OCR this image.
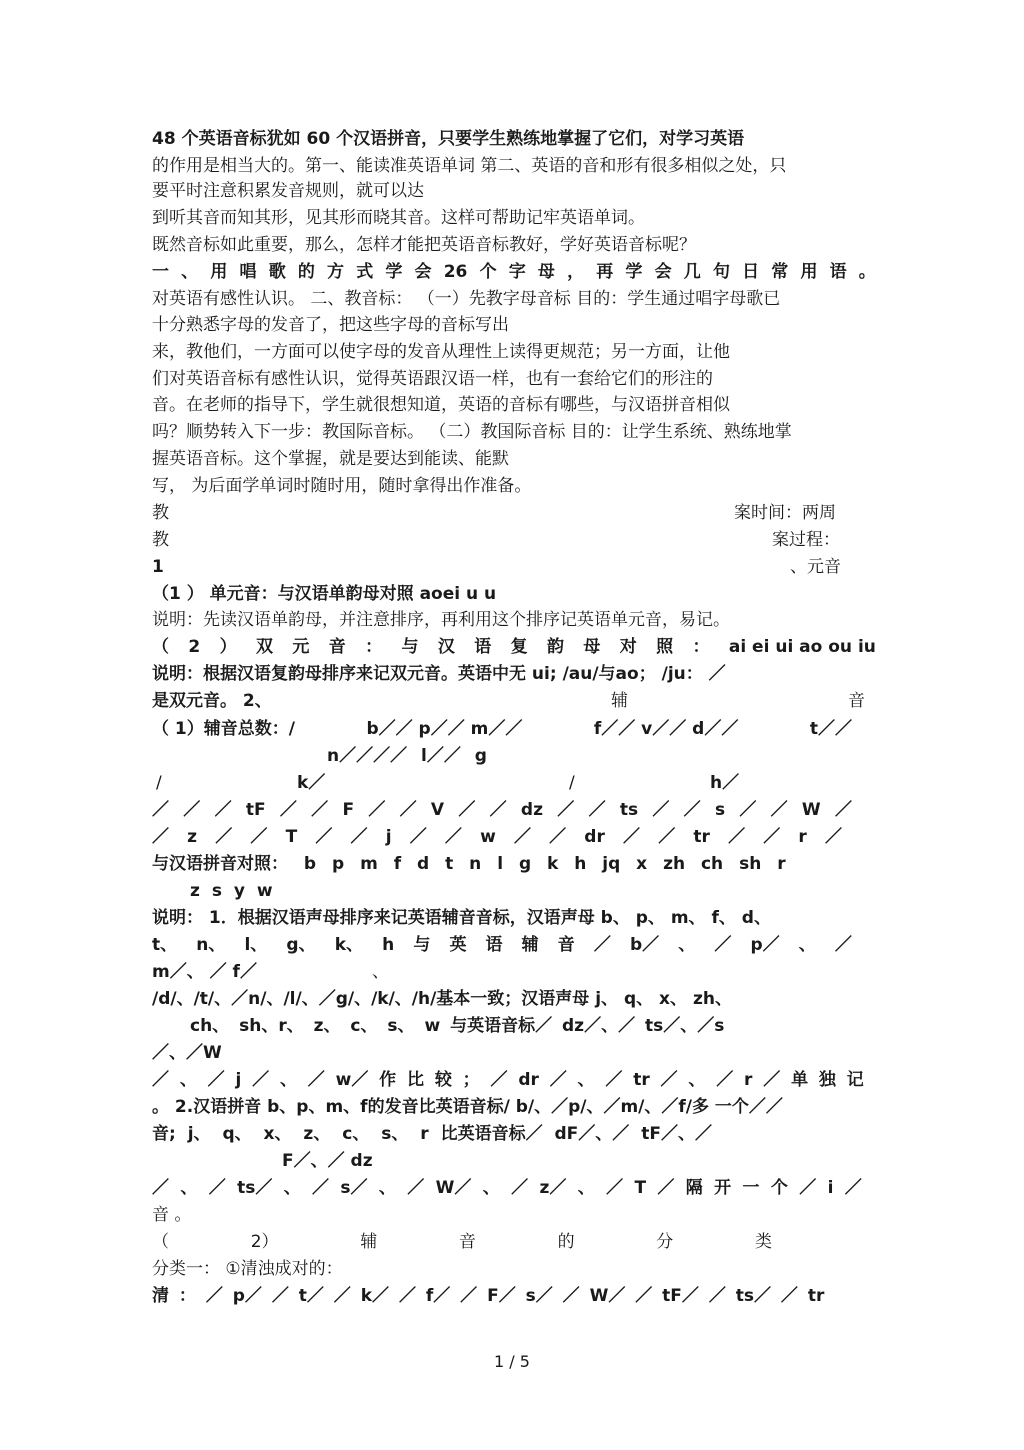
48 个英语音标犹如 60 个汉语拼音，只要学生熟练地掌握了它们，对学习英语
的作用是相当大的。第一、能读准英语单词 第二、英语的音和形有很多相似之处，只
要平时注意积累发音规则，就可以达
到听其音而知其形，见其形而晓其音。这样可帮助记牢英语单词。
既然音标如此重要，那么，怎样才能把英语音标教好，学好英语音标呢？
一 、 用 唱 歌 的 方 式 学 会 26 个 字 母 ， 再 学 会 几 句 日 常 用 语 。
对英语有感性认识。 二、教音标： （一）先教字母音标 目的：学生通过唱字母歌已
十分熟悉字母的发音了，把这些字母的音标写出
来，教他们，一方面可以使字母的发音从理性上读得更规范；另一方面，让他
们对英语音标有感性认识，觉得英语跟汉语一样，也有一套给它们的形注的
音。在老师的指导下，学生就很想知道，英语的音标有哪些，与汉语拼音相似
吗？顺势转入下一步：教国际音标。 （二）教国际音标 目的：让学生系统、熟练地掌
握英语音标。这个掌握，就是要达到能读、能默
写， 为后面学单词时随时用，随时拿得出作准备。
教	案时间：两周
教	案过程：
1	、元音
（1 ） 单元音：与汉语单韵母对照 aoei u u
说明：先读汉语单韵母，并注意排序，再利用这个排序记英语单元音，易记。
（ 2 ） 双 元 音 ： 与 汉 语 复 韵 母 对 照 ： ai ei ui ao ou iu
说明：根据汉语复韵母排序来记双元音。英语中无 ui; /au/与ao； /ju： ／
是双元音。 2、	辅	音
（ 1）辅音总数：/	b／／ p／／ m／／	f／／ v／／ d／／	t／／
n／／／／ l／／ g
/	k／	/	h／
／ ／ ／ tF ／ ／ F ／ ／ V ／ ／ dz ／ ／ ts ／ ／ s ／ ／ W ／
／ z ／ ／ T ／ ／ j ／ ／ w ／ ／ dr ／ ／ tr ／ ／ r ／
与汉语拼音对照： b p m f d t n l g k h jq x zh ch sh r
z s y w
说明： 1．根据汉语声母排序来记英语辅音音标，汉语声母 b、 p、 m、 f、 d、
t、 n、 l、 g、 k、 h 与 英 语 辅 音 ／ b／ 、 ／ p／ 、 ／
m／、 ／ f／	、
/d/、/t/、／n/、/l/、／g/、/k/、/h/基本一致；汉语声母 j、 q、 x、 zh、
ch、 sh、r、 z、 c、 s、 w 与英语音标／ dz／、／ ts／、／s
／、／W
／ 、 ／ j ／ 、 ／ w／ 作 比 较 ； ／ dr ／ 、 ／ tr ／ 、 ／ r ／ 单 独 记
。 2.汉语拼音 b、p、m、f的发音比英语音标/ b/、／p/、／m/、／f/多 一个／／
音; j、 q、 x、 z、 c、 s、 r 比英语音标／ dF／、／ tF／、／
F／、／ dz
／ 、 ／ ts／ 、 ／ s／ 、 ／ W／ 、 ／ z／ 、 ／ T ／ 隔 开 一 个 ／ i ／
音 。
（	2）	辅	音	的	分	类
分类一： ①清浊成对的：
清 ： ／ p／ ／ t／ ／ k／ ／ f／ ／ F／ s／ ／ W／ ／ tF／ ／ ts／ ／ tr
1 / 5
